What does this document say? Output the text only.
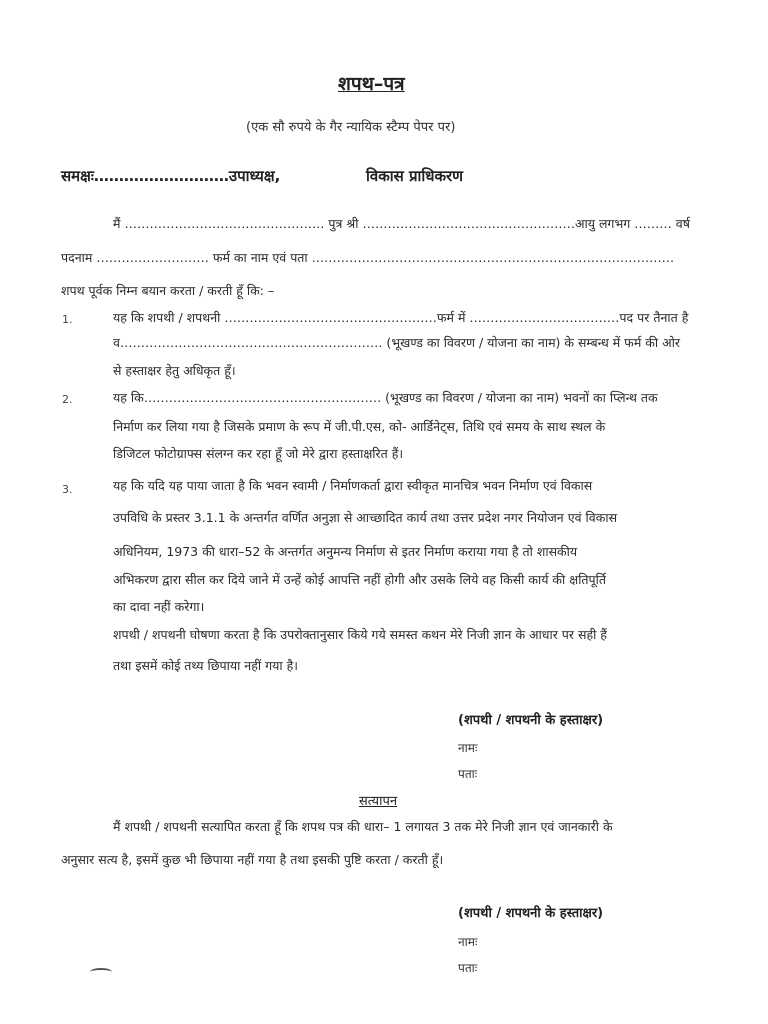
शपथ–पत्र
(एक सौ रुपये के गैर न्यायिक स्टैम्प पेपर पर)
समक्षः………………………उपाध्यक्ष,	विकास प्राधिकरण
मैं ………………………………………… पुत्र श्री ……………………………………………आयु लगभग ……… वर्ष
पदनाम ……………………… फर्म का नाम एवं पता ……………………………………………………………………………
शपथ पूर्वक निम्न बयान करता / करती हूँ कि: –
1.	यह कि शपथी / शपथनी ……………………………………………फर्म में ………………………………पद पर तैनात है
व……………………………………………………… (भूखण्ड का विवरण / योजना का नाम) के सम्बन्ध में फर्म की ओर
से हस्ताक्षर हेतु अधिकृत हूँ।
2.	यह कि………………………………………………… (भूखण्ड का विवरण / योजना का नाम) भवनों का प्लिन्थ तक
निर्माण कर लिया गया है जिसके प्रमाण के रूप में जी.पी.एस, को- आर्डिनेट्स, तिथि एवं समय के साथ स्थल के
डिजिटल फोटोग्राफ्स संलग्न कर रहा हूँ जो मेरे द्वारा हस्ताक्षरित हैं।
3.	यह कि यदि यह पाया जाता है कि भवन स्वामी / निर्माणकर्ता द्वारा स्वीकृत मानचित्र भवन निर्माण एवं विकास
उपविधि के प्रस्तर 3.1.1 के अन्तर्गत वर्णित अनुज्ञा से आच्छादित कार्य तथा उत्तर प्रदेश नगर नियोजन एवं विकास
अधिनियम, 1973 की धारा–52 के अन्तर्गत अनुमन्य निर्माण से इतर निर्माण कराया गया है तो शासकीय
अभिकरण द्वारा सील कर दिये जाने में उन्हें कोई आपत्ति नहीं होगी और उसके लिये वह किसी कार्य की क्षतिपूर्ति
का दावा नहीं करेगा।
शपथी / शपथनी घोषणा करता है कि उपरोक्तानुसार किये गये समस्त कथन मेरे निजी ज्ञान के आधार पर सही हैं
तथा इसमें कोई तथ्य छिपाया नहीं गया है।
(शपथी / शपथनी के हस्ताक्षर)
नामः
पताः
सत्यापन
मैं शपथी / शपथनी सत्यापित करता हूँ कि शपथ पत्र की धारा– 1 लगायत 3 तक मेरे निजी ज्ञान एवं जानकारी के
अनुसार सत्य है, इसमें कुछ भी छिपाया नहीं गया है तथा इसकी पुष्टि करता / करती हूँ।
(शपथी / शपथनी के हस्ताक्षर)
नामः
पताः
